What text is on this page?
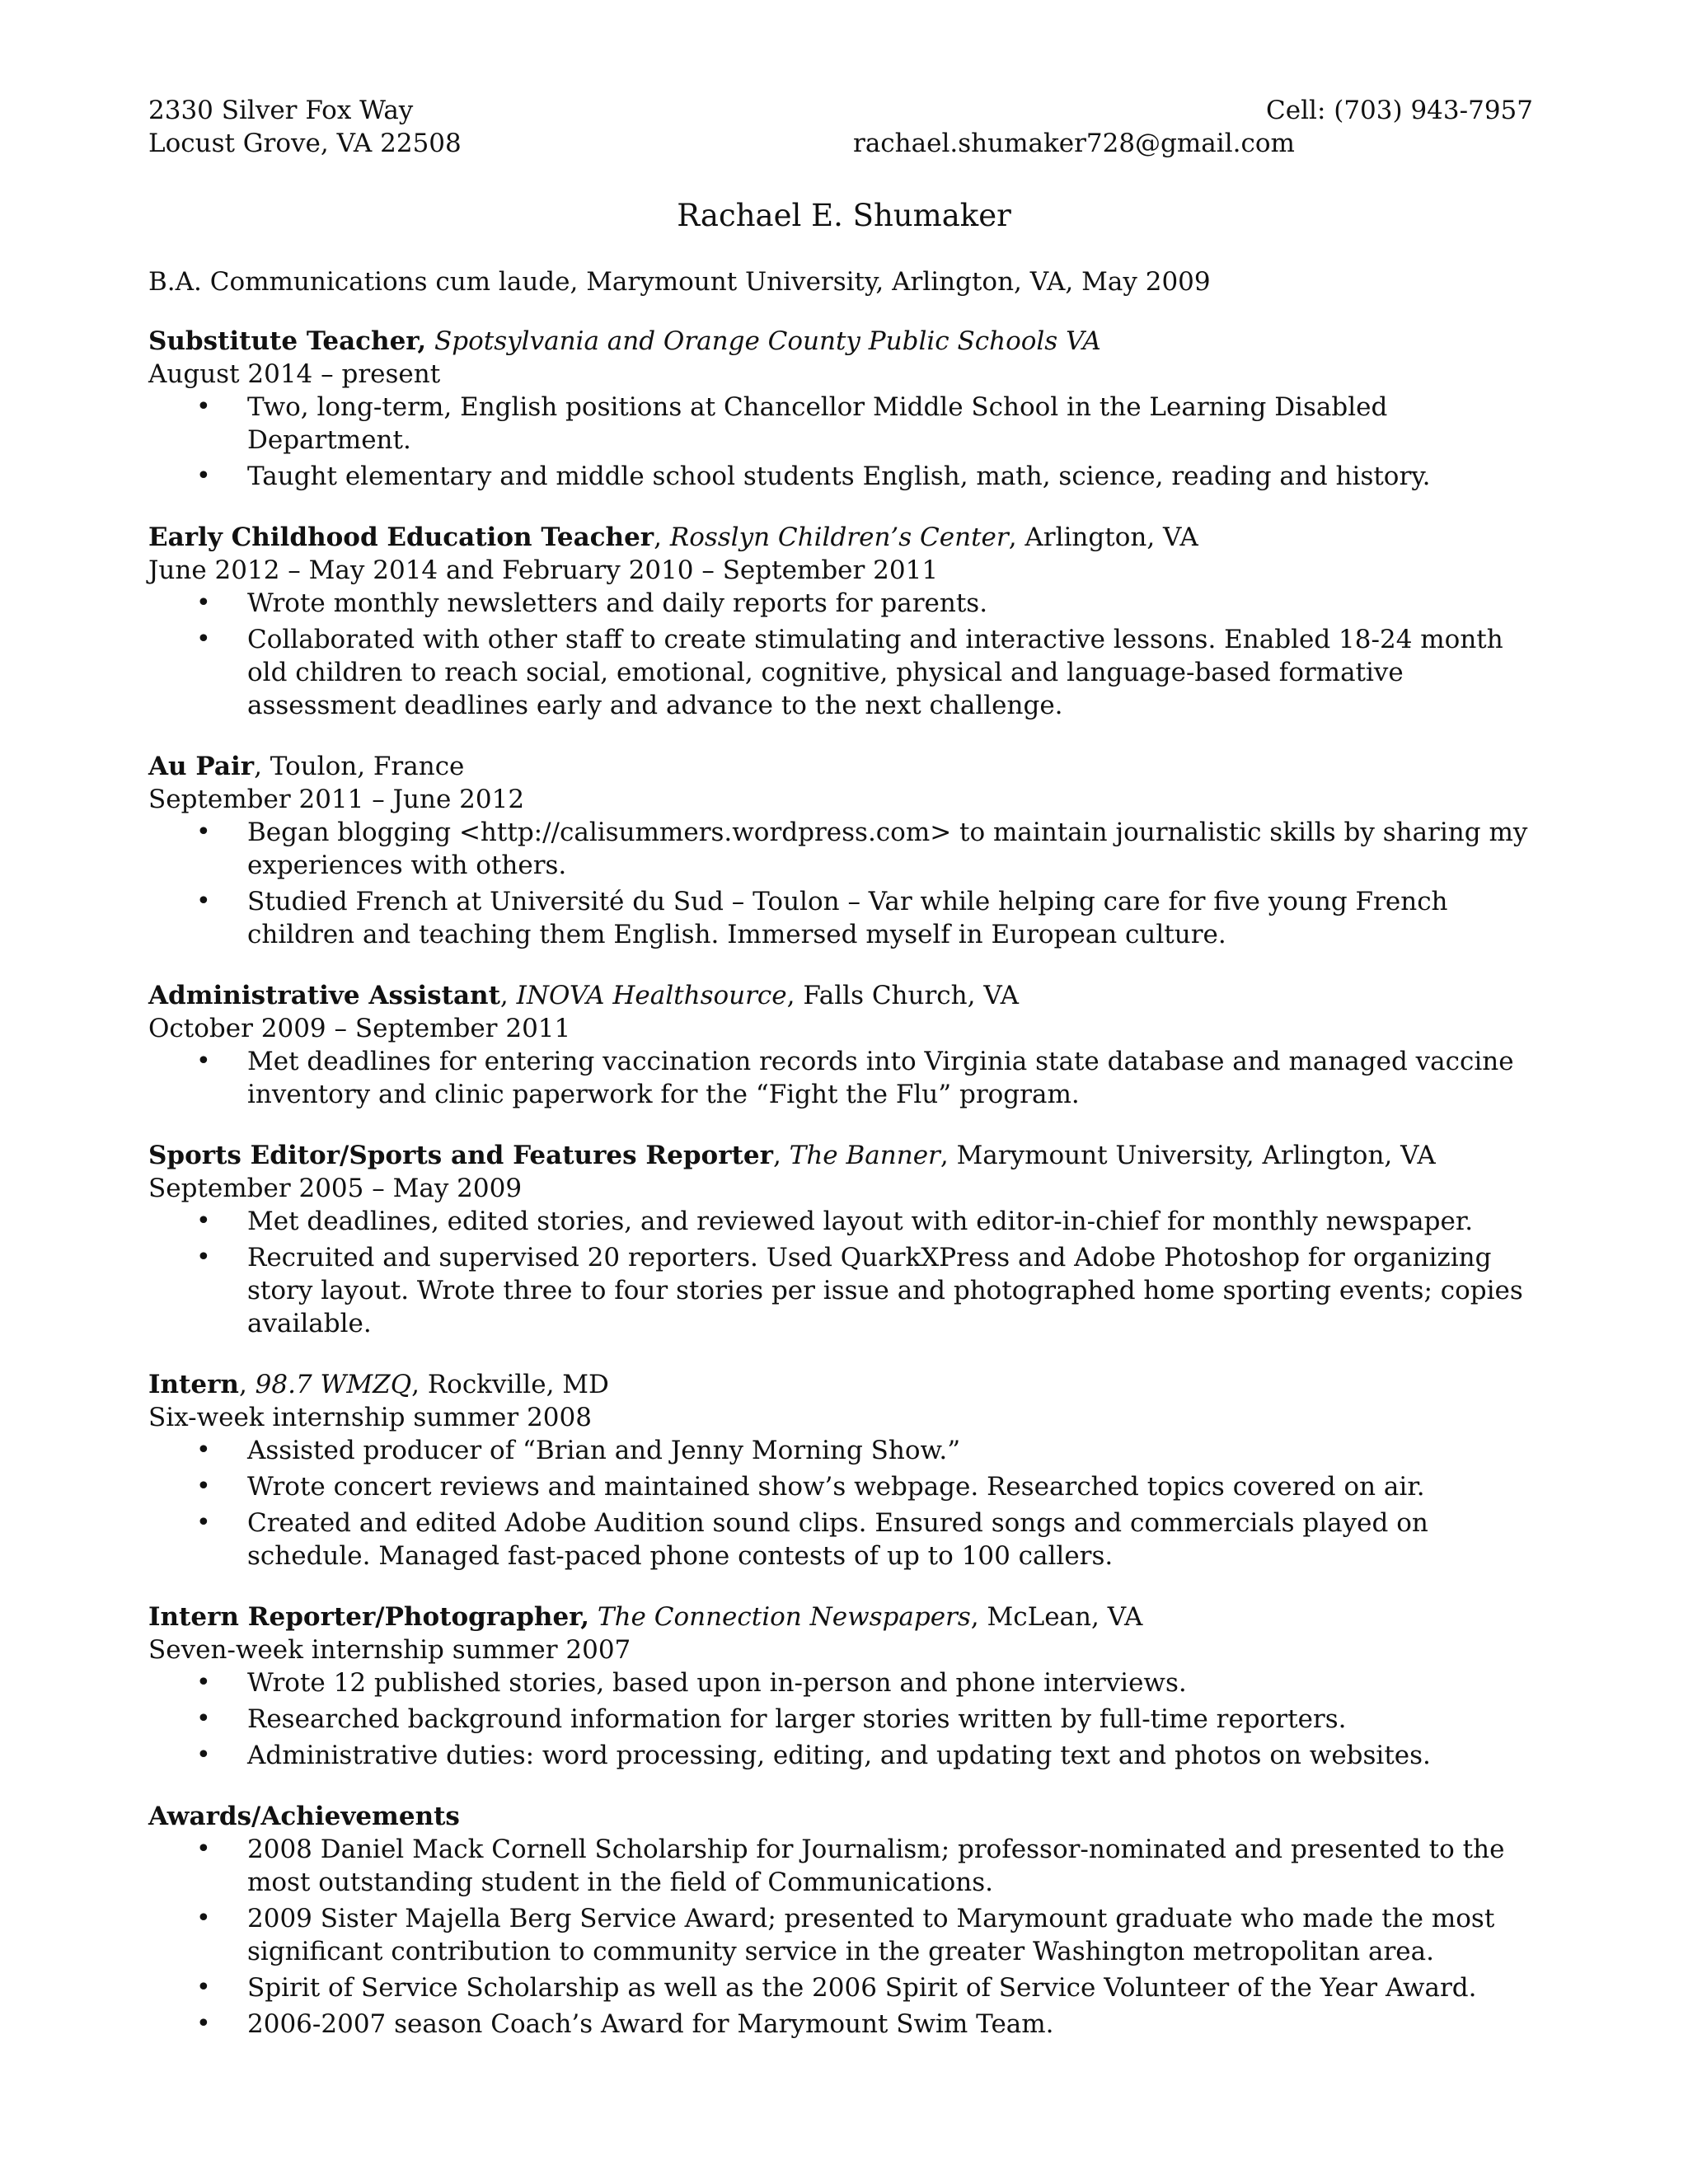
2330 Silver Fox Way
Locust Grove, VA 22508
Cell: (703) 943-7957
rachael.shumaker728@gmail.com
Rachael E. Shumaker

B.A. Communications cum laude, Marymount University, Arlington, VA, May 2009

Substitute Teacher, Spotsylvania and Orange County Public Schools VA

August 2014 – present

• Two, long-term, English positions at Chancellor Middle School in the Learning Disabled Department.
• Taught elementary and middle school students English, math, science, reading and history.

Early Childhood Education Teacher, Rosslyn Children’s Center, Arlington, VA

June 2012 – May 2014 and February 2010 – September 2011

• Wrote monthly newsletters and daily reports for parents.
• Collaborated with other staff to create stimulating and interactive lessons. Enabled 18-24 month old children to reach social, emotional, cognitive, physical and language-based formative assessment deadlines early and advance to the next challenge.

Au Pair, Toulon, France

September 2011 – June 2012

• Began blogging <http://calisummers.wordpress.com> to maintain journalistic skills by sharing my experiences with others.
• Studied French at Université du Sud – Toulon – Var while helping care for five young French children and teaching them English. Immersed myself in European culture.

Administrative Assistant, INOVA Healthsource, Falls Church, VA

October 2009 – September 2011

• Met deadlines for entering vaccination records into Virginia state database and managed vaccine inventory and clinic paperwork for the “Fight the Flu” program.

Sports Editor/Sports and Features Reporter, The Banner, Marymount University, Arlington, VA

September 2005 – May 2009

• Met deadlines, edited stories, and reviewed layout with editor-in-chief for monthly newspaper.
• Recruited and supervised 20 reporters. Used QuarkXPress and Adobe Photoshop for organizing story layout. Wrote three to four stories per issue and photographed home sporting events; copies available.

Intern, 98.7 WMZQ, Rockville, MD

Six-week internship summer 2008

• Assisted producer of “Brian and Jenny Morning Show.”
• Wrote concert reviews and maintained show’s webpage. Researched topics covered on air.
• Created and edited Adobe Audition sound clips. Ensured songs and commercials played on schedule. Managed fast-paced phone contests of up to 100 callers.

Intern Reporter/Photographer, The Connection Newspapers, McLean, VA

Seven-week internship summer 2007

• Wrote 12 published stories, based upon in-person and phone interviews.
• Researched background information for larger stories written by full-time reporters.
• Administrative duties: word processing, editing, and updating text and photos on websites.

Awards/Achievements

• 2008 Daniel Mack Cornell Scholarship for Journalism; professor-nominated and presented to the most outstanding student in the field of Communications.
• 2009 Sister Majella Berg Service Award; presented to Marymount graduate who made the most significant contribution to community service in the greater Washington metropolitan area.
• Spirit of Service Scholarship as well as the 2006 Spirit of Service Volunteer of the Year Award.
• 2006-2007 season Coach’s Award for Marymount Swim Team.
